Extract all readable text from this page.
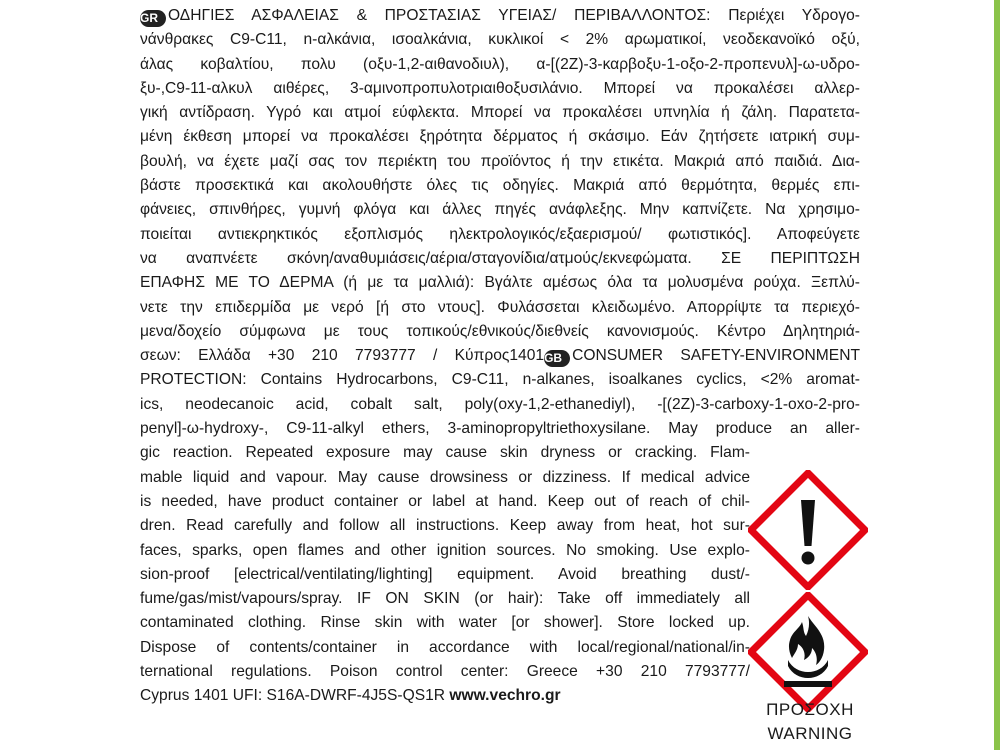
GR ΟΔΗΓΙΕΣ ΑΣΦΑΛΕΙΑΣ & ΠΡΟΣΤΑΣΙΑΣ ΥΓΕΙΑΣ/ ΠΕΡΙΒΑΛΛΟΝΤΟΣ: Περιέχει Υδρογο-
νάνθρακες C9-C11, n-αλκάνια, ισοαλκάνια, κυκλικοί < 2% αρωματικοί, νεοδεκανοϊκό οξύ,
άλας κοβαλτίου, πολυ (οξυ-1,2-αιθανοδιυλ), α-[(2Ζ)-3-καρβοξυ-1-οξο-2-προπενυλ]-ω-υδρο-
ξυ-,C9-11-αλκυλ αιθέρες, 3-αμινοπροπυλοτριαιθοξυσιλάνιο. Μπορεί να προκαλέσει αλλερ-
γική αντίδραση. Υγρό και ατμοί εύφλεκτα. Μπορεί να προκαλέσει υπνηλία ή ζάλη. Παρατετα-
μένη έκθεση μπορεί να προκαλέσει ξηρότητα δέρματος ή σκάσιμο. Εάν ζητήσετε ιατρική συμ-
βουλή, να έχετε μαζί σας τον περιέκτη του προϊόντος ή την ετικέτα. Μακριά από παιδιά. Δια-
βάστε προσεκτικά και ακολουθήστε όλες τις οδηγίες. Μακριά από θερμότητα, θερμές επι-
φάνειες, σπινθήρες, γυμνή φλόγα και άλλες πηγές ανάφλεξης. Μην καπνίζετε. Να χρησιμο-
ποιείται αντιεκρηκτικός εξοπλισμός ηλεκτρολογικός/εξαερισμού/ φωτιστικός]. Αποφεύγετε
να αναπνέετε σκόνη/αναθυμιάσεις/αέρια/σταγονίδια/ατμούς/εκνεφώματα. ΣΕ ΠΕΡΙΠΤΩΣΗ
ΕΠΑΦΗΣ ΜΕ ΤΟ ΔΕΡΜΑ (ή με τα μαλλιά): Βγάλτε αμέσως όλα τα μολυσμένα ρούχα. Ξεπλύ-
νετε την επιδερμίδα με νερό [ή στο ντους]. Φυλάσσεται κλειδωμένο. Απορρίψτε τα περιεχό-
μενα/δοχείο σύμφωνα με τους τοπικούς/εθνικούς/διεθνείς κανονισμούς. Κέντρο Δηλητηριά-
σεων: Ελλάδα +30 210 7793777 / Κύπρος1401GB CONSUMER SAFETY-ENVIRONMENT
PROTECTION: Contains Hydrocarbons, C9-C11, n-alkanes, isoalkanes cyclics, <2% aromat-
ics, neodecanoic acid, cobalt salt, poly(oxy-1,2-ethanediyl), -[(2Z)-3-carboxy-1-oxo-2-pro-
penyl]-ω-hydroxy-, C9-11-alkyl ethers, 3-aminopropyltriethoxysilane. May produce an aller-
gic reaction. Repeated exposure may cause skin dryness or cracking. Flam-
mable liquid and vapour. May cause drowsiness or dizziness. If medical advice
is needed, have product container or label at hand. Keep out of reach of chil-
dren. Read carefully and follow all instructions. Keep away from heat, hot sur-
faces, sparks, open flames and other ignition sources. No smoking. Use explo-
sion-proof [electrical/ventilating/lighting] equipment. Avoid breathing dust/-
fume/gas/mist/vapours/spray. IF ON SKIN (or hair): Take off immediately all
contaminated clothing. Rinse skin with water [or shower]. Store locked up.
Dispose of contents/container in accordance with local/regional/national/in-
ternational regulations. Poison control center: Greece +30 210 7793777/
Cyprus 1401 UFI: S16A-DWRF-4J5S-QS1R www.vechro.gr
ΠΡΟΣΟΧΗ
WARNING
